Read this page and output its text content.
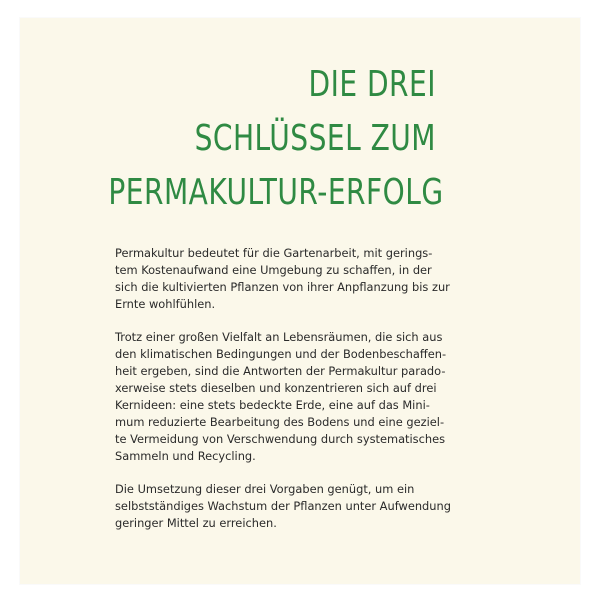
DIE DREI
SCHLÜSSEL ZUM
PERMAKULTUR-ERFOLG

Permakultur bedeutet für die Gartenarbeit, mit gerings-
tem Kostenaufwand eine Umgebung zu schaffen, in der
sich die kultivierten Pflanzen von ihrer Anpflanzung bis zur
Ernte wohlfühlen.

Trotz einer großen Vielfalt an Lebensräumen, die sich aus
den klimatischen Bedingungen und der Bodenbeschaffen-
heit ergeben, sind die Antworten der Permakultur parado-
xerweise stets dieselben und konzentrieren sich auf drei
Kernideen: eine stets bedeckte Erde, eine auf das Mini-
mum reduzierte Bearbeitung des Bodens und eine geziel-
te Vermeidung von Verschwendung durch systematisches
Sammeln und Recycling.

Die Umsetzung dieser drei Vorgaben genügt, um ein
selbstständiges Wachstum der Pflanzen unter Aufwendung
geringer Mittel zu erreichen.
